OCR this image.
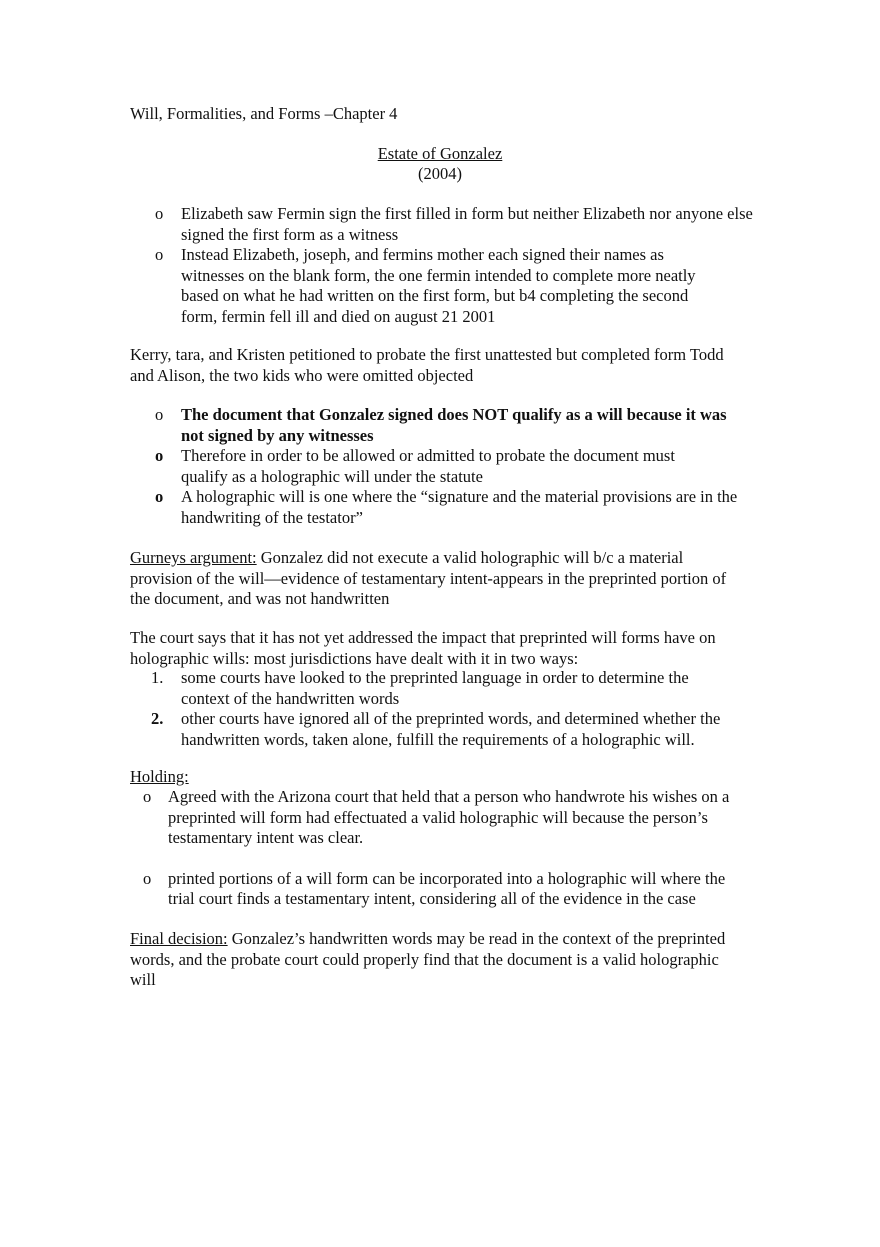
Will, Formalities, and Forms –Chapter 4
Estate of Gonzalez
(2004)
o	Elizabeth saw Fermin sign the first filled in form but neither Elizabeth nor anyone else signed the first form as a witness
o	Instead Elizabeth, joseph, and fermins mother each signed their names as witnesses on the blank form, the one fermin intended to complete more neatly based on what he had written on the first form, but b4 completing the second form, fermin fell ill and died on august 21 2001
Kerry, tara, and Kristen petitioned to probate the first unattested but completed form Todd and Alison, the two kids who were omitted objected
o	The document that Gonzalez signed does NOT qualify as a will because it was not signed by any witnesses
o	Therefore in order to be allowed or admitted to probate the document must qualify as a holographic will under the statute
o	A holographic will is one where the “signature and the material provisions are in the handwriting of the testator”
Gurneys argument: Gonzalez did not execute a valid holographic will b/c a material provision of the will—evidence of testamentary intent-appears in the preprinted portion of the document, and was not handwritten
The court says that it has not yet addressed the impact that preprinted will forms have on holographic wills: most jurisdictions have dealt with it in two ways:
1.	some courts have looked to the preprinted language in order to determine the context of the handwritten words
2.	other courts have ignored all of the preprinted words, and determined whether the handwritten words, taken alone, fulfill the requirements of a holographic will.
Holding:
o	Agreed with the Arizona court that held that a person who handwrote his wishes on a preprinted will form had effectuated a valid holographic will because the person’s testamentary intent was clear.
o	printed portions of a will form can be incorporated into a holographic will where the trial court finds a testamentary intent, considering all of the evidence in the case
Final decision: Gonzalez’s handwritten words may be read in the context of the preprinted words, and the probate court could properly find that the document is a valid holographic will
